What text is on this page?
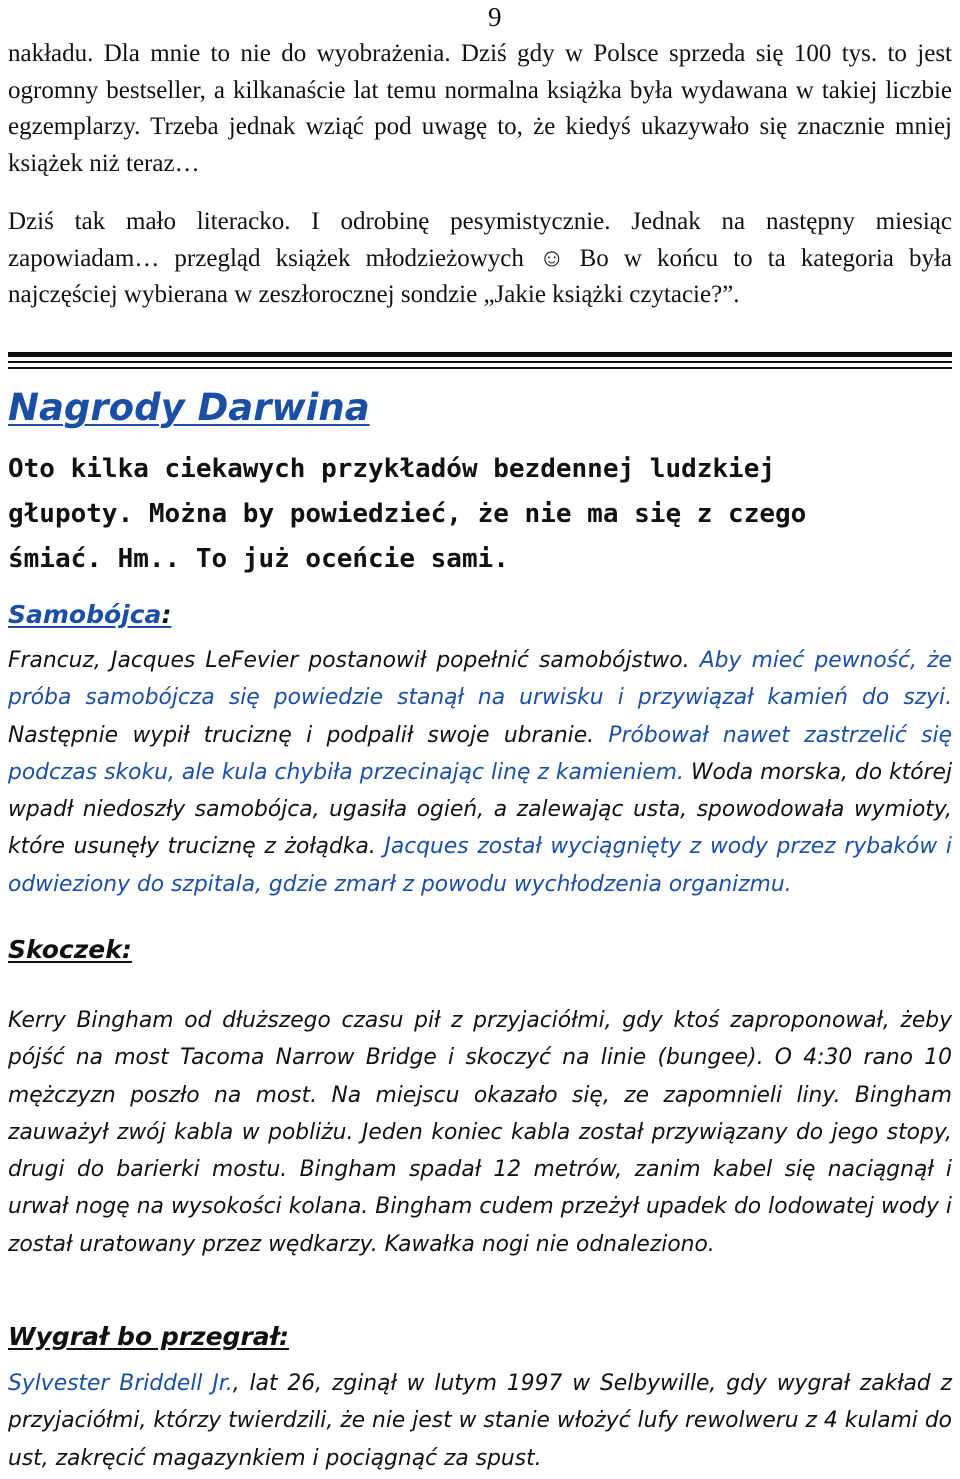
9

nakładu. Dla mnie to nie do wyobrażenia. Dziś gdy w Polsce sprzeda się 100 tys. to jest ogromny bestseller, a kilkanaście lat temu normalna książka była wydawana w takiej liczbie egzemplarzy. Trzeba jednak wziąć pod uwagę to, że kiedyś ukazywało się znacznie mniej książek niż teraz…

Dziś tak mało literacko. I odrobinę pesymistycznie. Jednak na następny miesiąc zapowiadam… przegląd książek młodzieżowych ☺ Bo w końcu to ta kategoria była najczęściej wybierana w zeszłorocznej sondzie „Jakie książki czytacie?”.

Nagrody Darwina

Oto kilka ciekawych przykładów bezdennej ludzkiej głupoty. Można by powiedzieć, że nie ma się z czego śmiać. Hm.. To już oceńcie sami.

Samobójca:

Francuz, Jacques LeFevier postanowił popełnić samobójstwo. Aby mieć pewność, że próba samobójcza się powiedzie stanął na urwisku i przywiązał kamień do szyi. Następnie wypił truciznę i podpalił swoje ubranie. Próbował nawet zastrzelić się podczas skoku, ale kula chybiła przecinając linę z kamieniem. Woda morska, do której wpadł niedoszły samobójca, ugasiła ogień, a zalewając usta, spowodowała wymioty, które usunęły truciznę z żołądka. Jacques został wyciągnięty z wody przez rybaków i odwieziony do szpitala, gdzie zmarł z powodu wychłodzenia organizmu.

Skoczek:

Kerry Bingham od dłuższego czasu pił z przyjaciółmi, gdy ktoś zaproponował, żeby pójść na most Tacoma Narrow Bridge i skoczyć na linie (bungee). O 4:30 rano 10 mężczyzn poszło na most. Na miejscu okazało się, ze zapomnieli liny. Bingham zauważył zwój kabla w pobliżu. Jeden koniec kabla został przywiązany do jego stopy, drugi do barierki mostu. Bingham spadał 12 metrów, zanim kabel się naciągnął i urwał nogę na wysokości kolana. Bingham cudem przeżył upadek do lodowatej wody i został uratowany przez wędkarzy. Kawałka nogi nie odnaleziono.

Wygrał bo przegrał:

Sylvester Briddell Jr., lat 26, zginął w lutym 1997 w Selbywille, gdy wygrał zakład z przyjaciółmi, którzy twierdzili, że nie jest w stanie włożyć lufy rewolweru z 4 kulami do ust, zakręcić magazynkiem i pociągnąć za spust.
